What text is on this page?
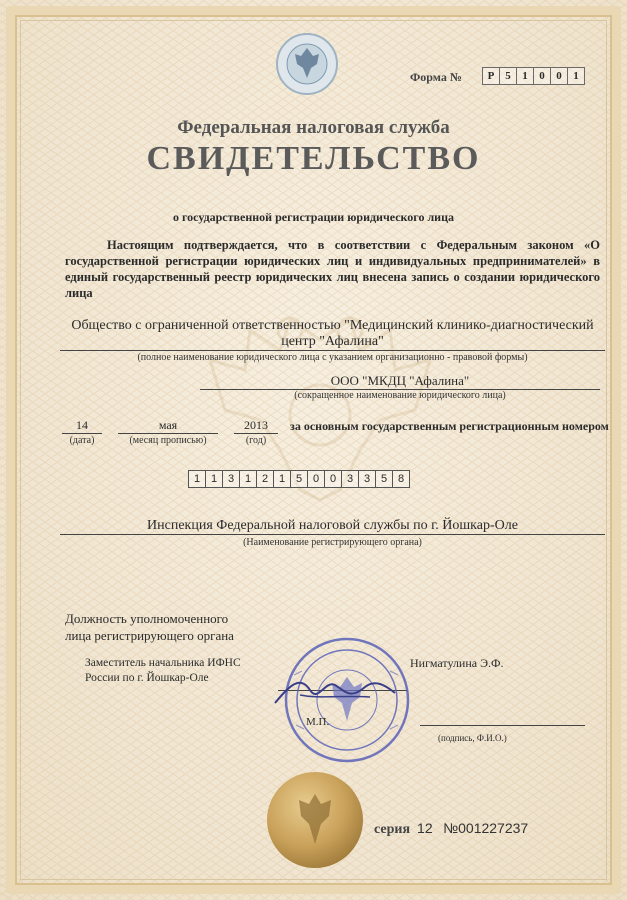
Форма №	Р 5	1	0	0	1
Федеральная налоговая служба
СВИДЕТЕЛЬСТВО
о государственной регистрации юридического лица
Настоящим подтверждается, что в соответствии с Федеральным законом «О государственной регистрации юридических лиц и индивидуальных предпринимателей» в единый государственный реестр юридических лиц внесена запись о создании юридического лица
Общество с ограниченной ответственностью "Медицинский клинико-диагностический центр "Афалина"
(полное наименование юридического лица с указанием организационно - правовой формы)
ООО "МКДЦ "Афалина"
(сокращенное наименование юридического лица)
14
(дата)
мая
(месяц прописью)
2013
(год)
за основным государственным регистрационным номером
1 1 3 1 2 1 5 0 0 3 3 5 8
Инспекция Федеральной налоговой службы по г. Йошкар-Оле
(Наименование регистрирующего органа)
Должность уполномоченного
лица регистрирующего органа
Заместитель начальника ИФНС
России по г. Йошкар-Оле
Нигматулина Э.Ф.
М.П.
(подпись, Ф.И.О.)
серия 12 №001227237
